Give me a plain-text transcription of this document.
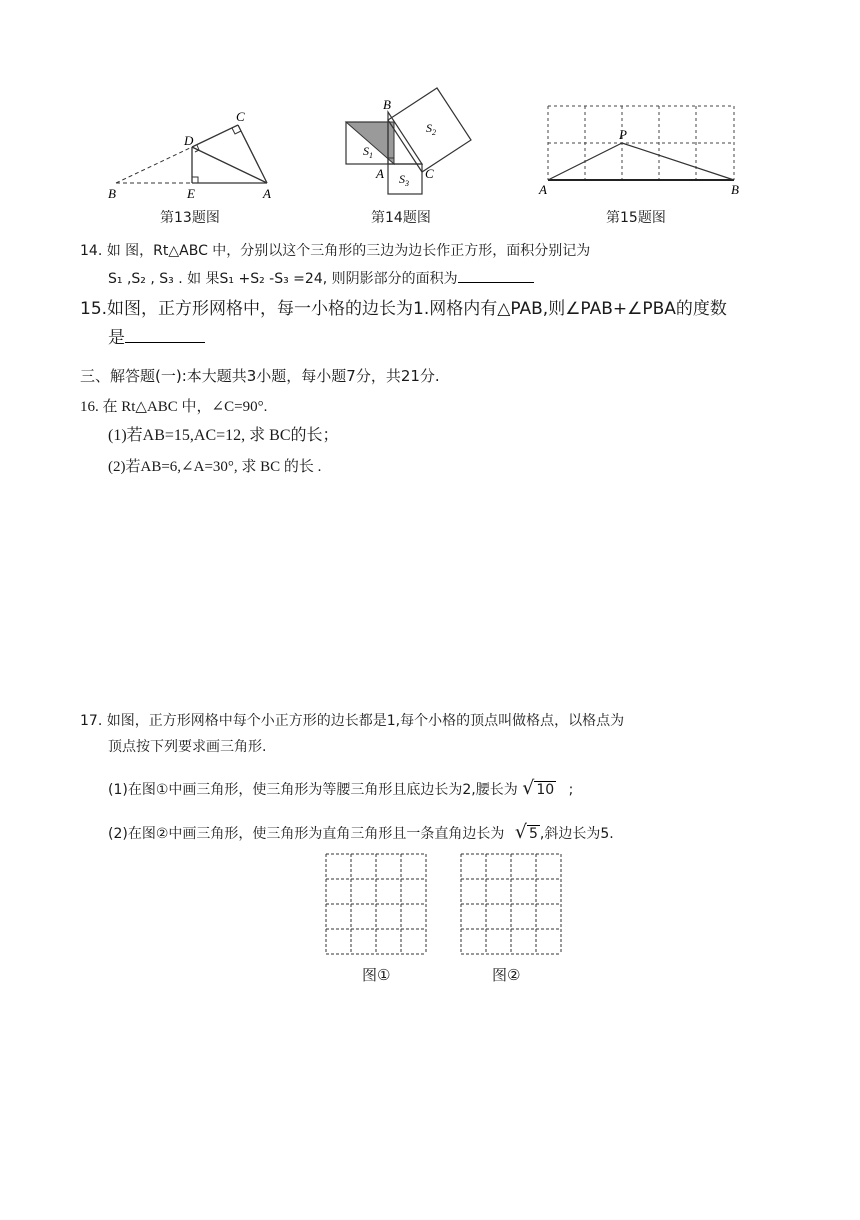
C
D
B	E	A
第13题图
B
A	C
$S_1$
$S_2$
$S_3$
第14题图
P
A	B
第15题图
14. 如 图，Rt△ABC 中，分别以这个三角形的三边为边长作正方形，面积分别记为
S₁ ,S₂ , S₃ . 如 果S₁ +S₂ -S₃ =24, 则阴影部分的面积为
15.如图，正方形网格中，每一小格的边长为1.网格内有△PAB,则∠PAB+∠PBA的度数
是
三、解答题(一):本大题共3小题，每小题7分，共21分.
16. 在 Rt△ABC 中，∠C=90°.
(1)若AB=15,AC=12, 求 BC的长；
(2)若AB=6,∠A=30°, 求 BC 的长 .
17. 如图，正方形网格中每个小正方形的边长都是1,每个小格的顶点叫做格点，以格点为
顶点按下列要求画三角形.
(1)在图①中画三角形，使三角形为等腰三角形且底边长为2,腰长为 √ 10 ;
(2)在图②中画三角形，使三角形为直角三角形且一条直角边长为 √ 5 ,斜边长为5.
图①	图②
